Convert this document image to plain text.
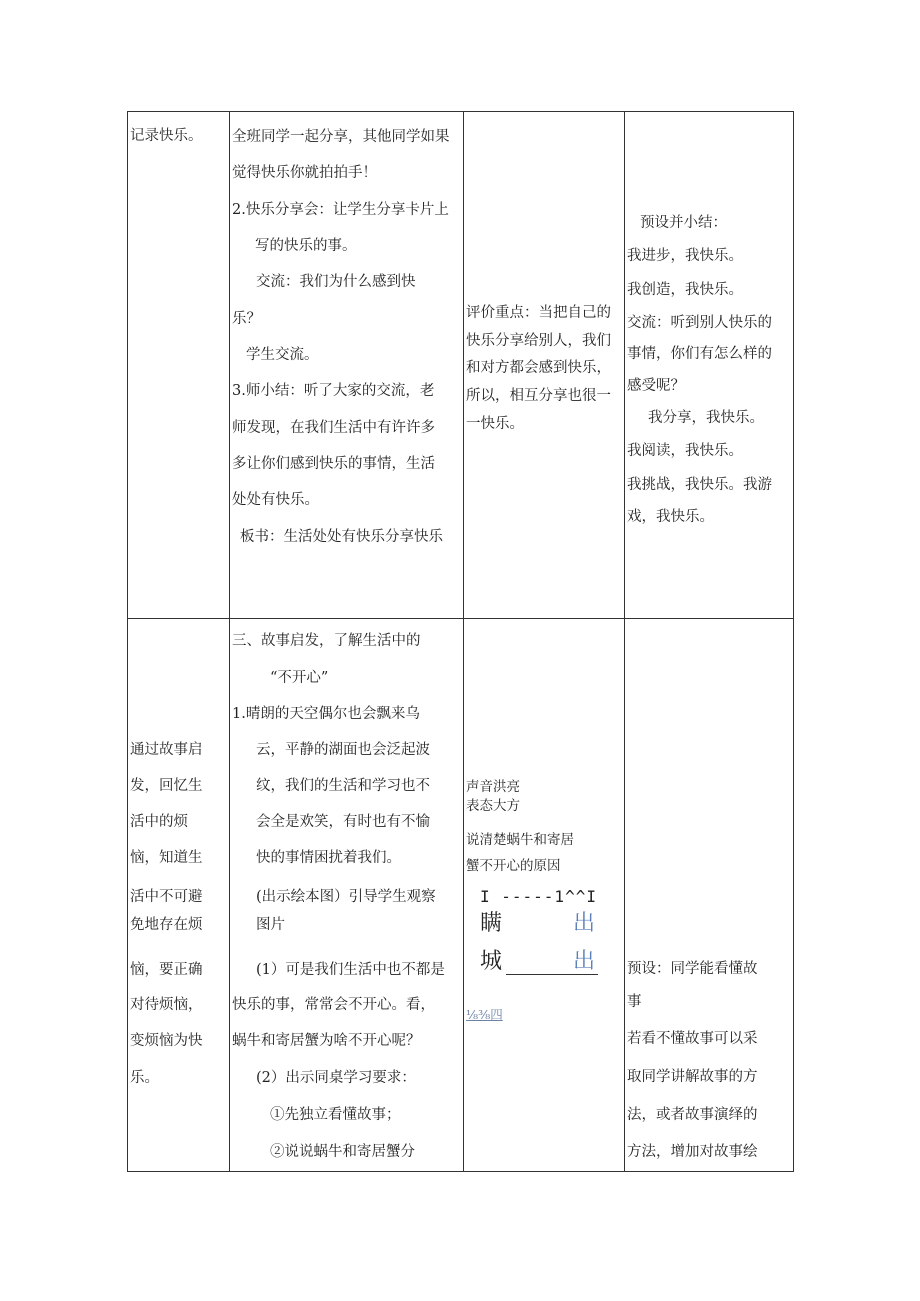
记录快乐。 全班同学一起分享，其他同学如果
觉得快乐你就拍拍手！
2.快乐分享会：让学生分享卡片上
写的快乐的事。
交流：我们为什么感到快
乐？
学生交流。
3.师小结：听了大家的交流，老
师发现，在我们生活中有许许多
多让你们感到快乐的事情，生活
处处有快乐。
板书：生活处处有快乐分享快乐
评价重点：当把自己的
快乐分享给别人，我们
和对方都会感到快乐，
所以，相互分享也很一
一快乐。
预设并小结：
我进步，我快乐。
我创造，我快乐。
交流：听到别人快乐的
事情，你们有怎么样的
感受呢？
我分享，我快乐。
我阅读，我快乐。
我挑战，我快乐。我游
戏，我快乐。
通过故事启
发，回忆生
活中的烦
恼，知道生
活中不可避
免地存在烦
恼，要正确
对待烦恼，
变烦恼为快
乐。
三、故事启发，了解生活中的
“不开心”
1.晴朗的天空偶尔也会飘来乌
云，平静的湖面也会泛起波
纹，我们的生活和学习也不
会全是欢笑，有时也有不愉
快的事情困扰着我们。
(出示绘本图）引导学生观察
图片
(1）可是我们生活中也不都是
快乐的事，常常会不开心。看，
蜗牛和寄居蟹为啥不开心呢？
(2）出示同桌学习要求：
①先独立看懂故事；
②说说蜗牛和寄居蟹分
声音洪亮
表态大方
说清楚蜗牛和寄居
蟹不开心的原因
I -----1^^I
瞒	出
城	出
⅛⅜四
预设：同学能看懂故
事
若看不懂故事可以采
取同学讲解故事的方
法，或者故事演绎的
方法，增加对故事绘
